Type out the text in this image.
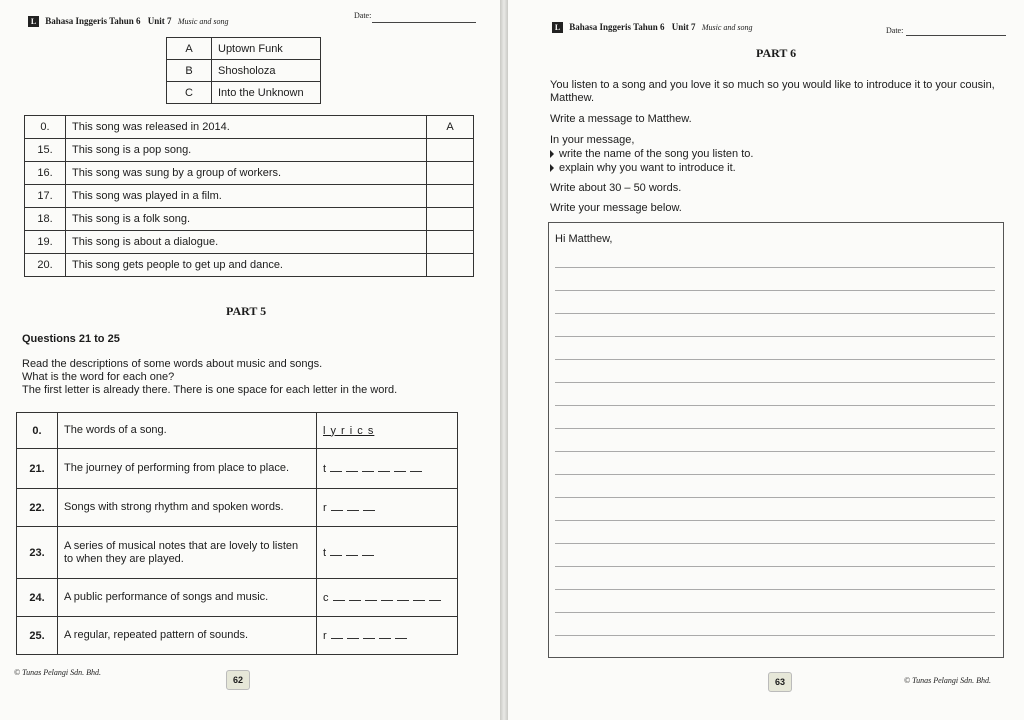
L Bahasa Inggeris Tahun 6 Unit 7 Music and song
Date:
A	Uptown Funk
B	Shosholoza
C	Into the Unknown
0.	This song was released in 2014.	A
15.	This song is a pop song.	
16.	This song was sung by a group of workers.	
17.	This song was played in a film.	
18.	This song is a folk song.	
19.	This song is about a dialogue.	
20.	This song gets people to get up and dance.	
PART 5
Questions 21 to 25
Read the descriptions of some words about music and songs.
What is the word for each one?
The first letter is already there. There is one space for each letter in the word.
0.	The words of a song.	l y r i c s
21.	The journey of performing from place to place.	t
22.	Songs with strong rhythm and spoken words.	r
23.	A series of musical notes that are lovely to listen to when they are played.	t
24.	A public performance of songs and music.	c
25.	A regular, repeated pattern of sounds.	r
© Tunas Pelangi Sdn. Bhd.
62
L Bahasa Inggeris Tahun 6 Unit 7 Music and song	Date:
PART 6
You listen to a song and you love it so much so you would like to introduce it to your cousin, Matthew.
Write a message to Matthew.
In your message,
write the name of the song you listen to.
explain why you want to introduce it.
Write about 30 – 50 words.
Write your message below.
Hi Matthew,
63	© Tunas Pelangi Sdn. Bhd.
